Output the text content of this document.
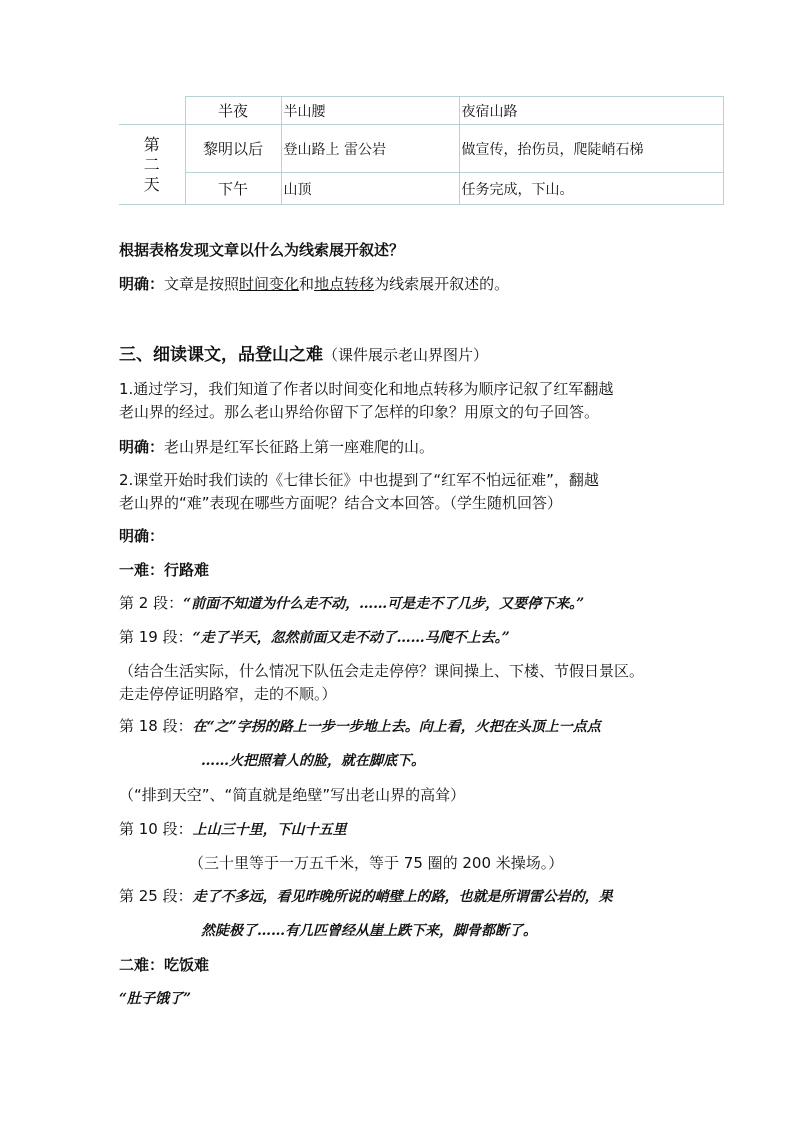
	半夜	半山腰	夜宿山路

第
二
天	黎明以后	登山路上 雷公岩	做宣传，抬伤员，爬陡峭石梯
	下午	山顶	任务完成，下山。
根据表格发现文章以什么为线索展开叙述？
明确：文章是按照时间变化和地点转移为线索展开叙述的。
三、细读课文，品登山之难（课件展示老山界图片）
1.通过学习，我们知道了作者以时间变化和地点转移为顺序记叙了红军翻越
老山界的经过。那么老山界给你留下了怎样的印象？用原文的句子回答。
明确：老山界是红军长征路上第一座难爬的山。
2.课堂开始时我们读的《七律长征》中也提到了“红军不怕远征难”，翻越
老山界的“难”表现在哪些方面呢？结合文本回答。（学生随机回答）
明确：
一难：行路难
第 2 段：“前面不知道为什么走不动，……可是走不了几步，又要停下来。”
第 19 段：“走了半天，忽然前面又走不动了……马爬不上去。”
（结合生活实际，什么情况下队伍会走走停停？课间操上、下楼、节假日景区。
走走停停证明路窄，走的不顺。）
第 18 段：在“之”字拐的路上一步一步地上去。向上看，火把在头顶上一点点
……火把照着人的脸，就在脚底下。
（“排到天空”、“简直就是绝壁”写出老山界的高耸）
第 10 段：上山三十里，下山十五里
（三十里等于一万五千米，等于 75 圈的 200 米操场。）
第 25 段：走了不多远，看见昨晚所说的峭壁上的路，也就是所谓雷公岩的，果
然陡极了……有几匹曾经从崖上跌下来，脚骨都断了。
二难：吃饭难
“肚子饿了”
